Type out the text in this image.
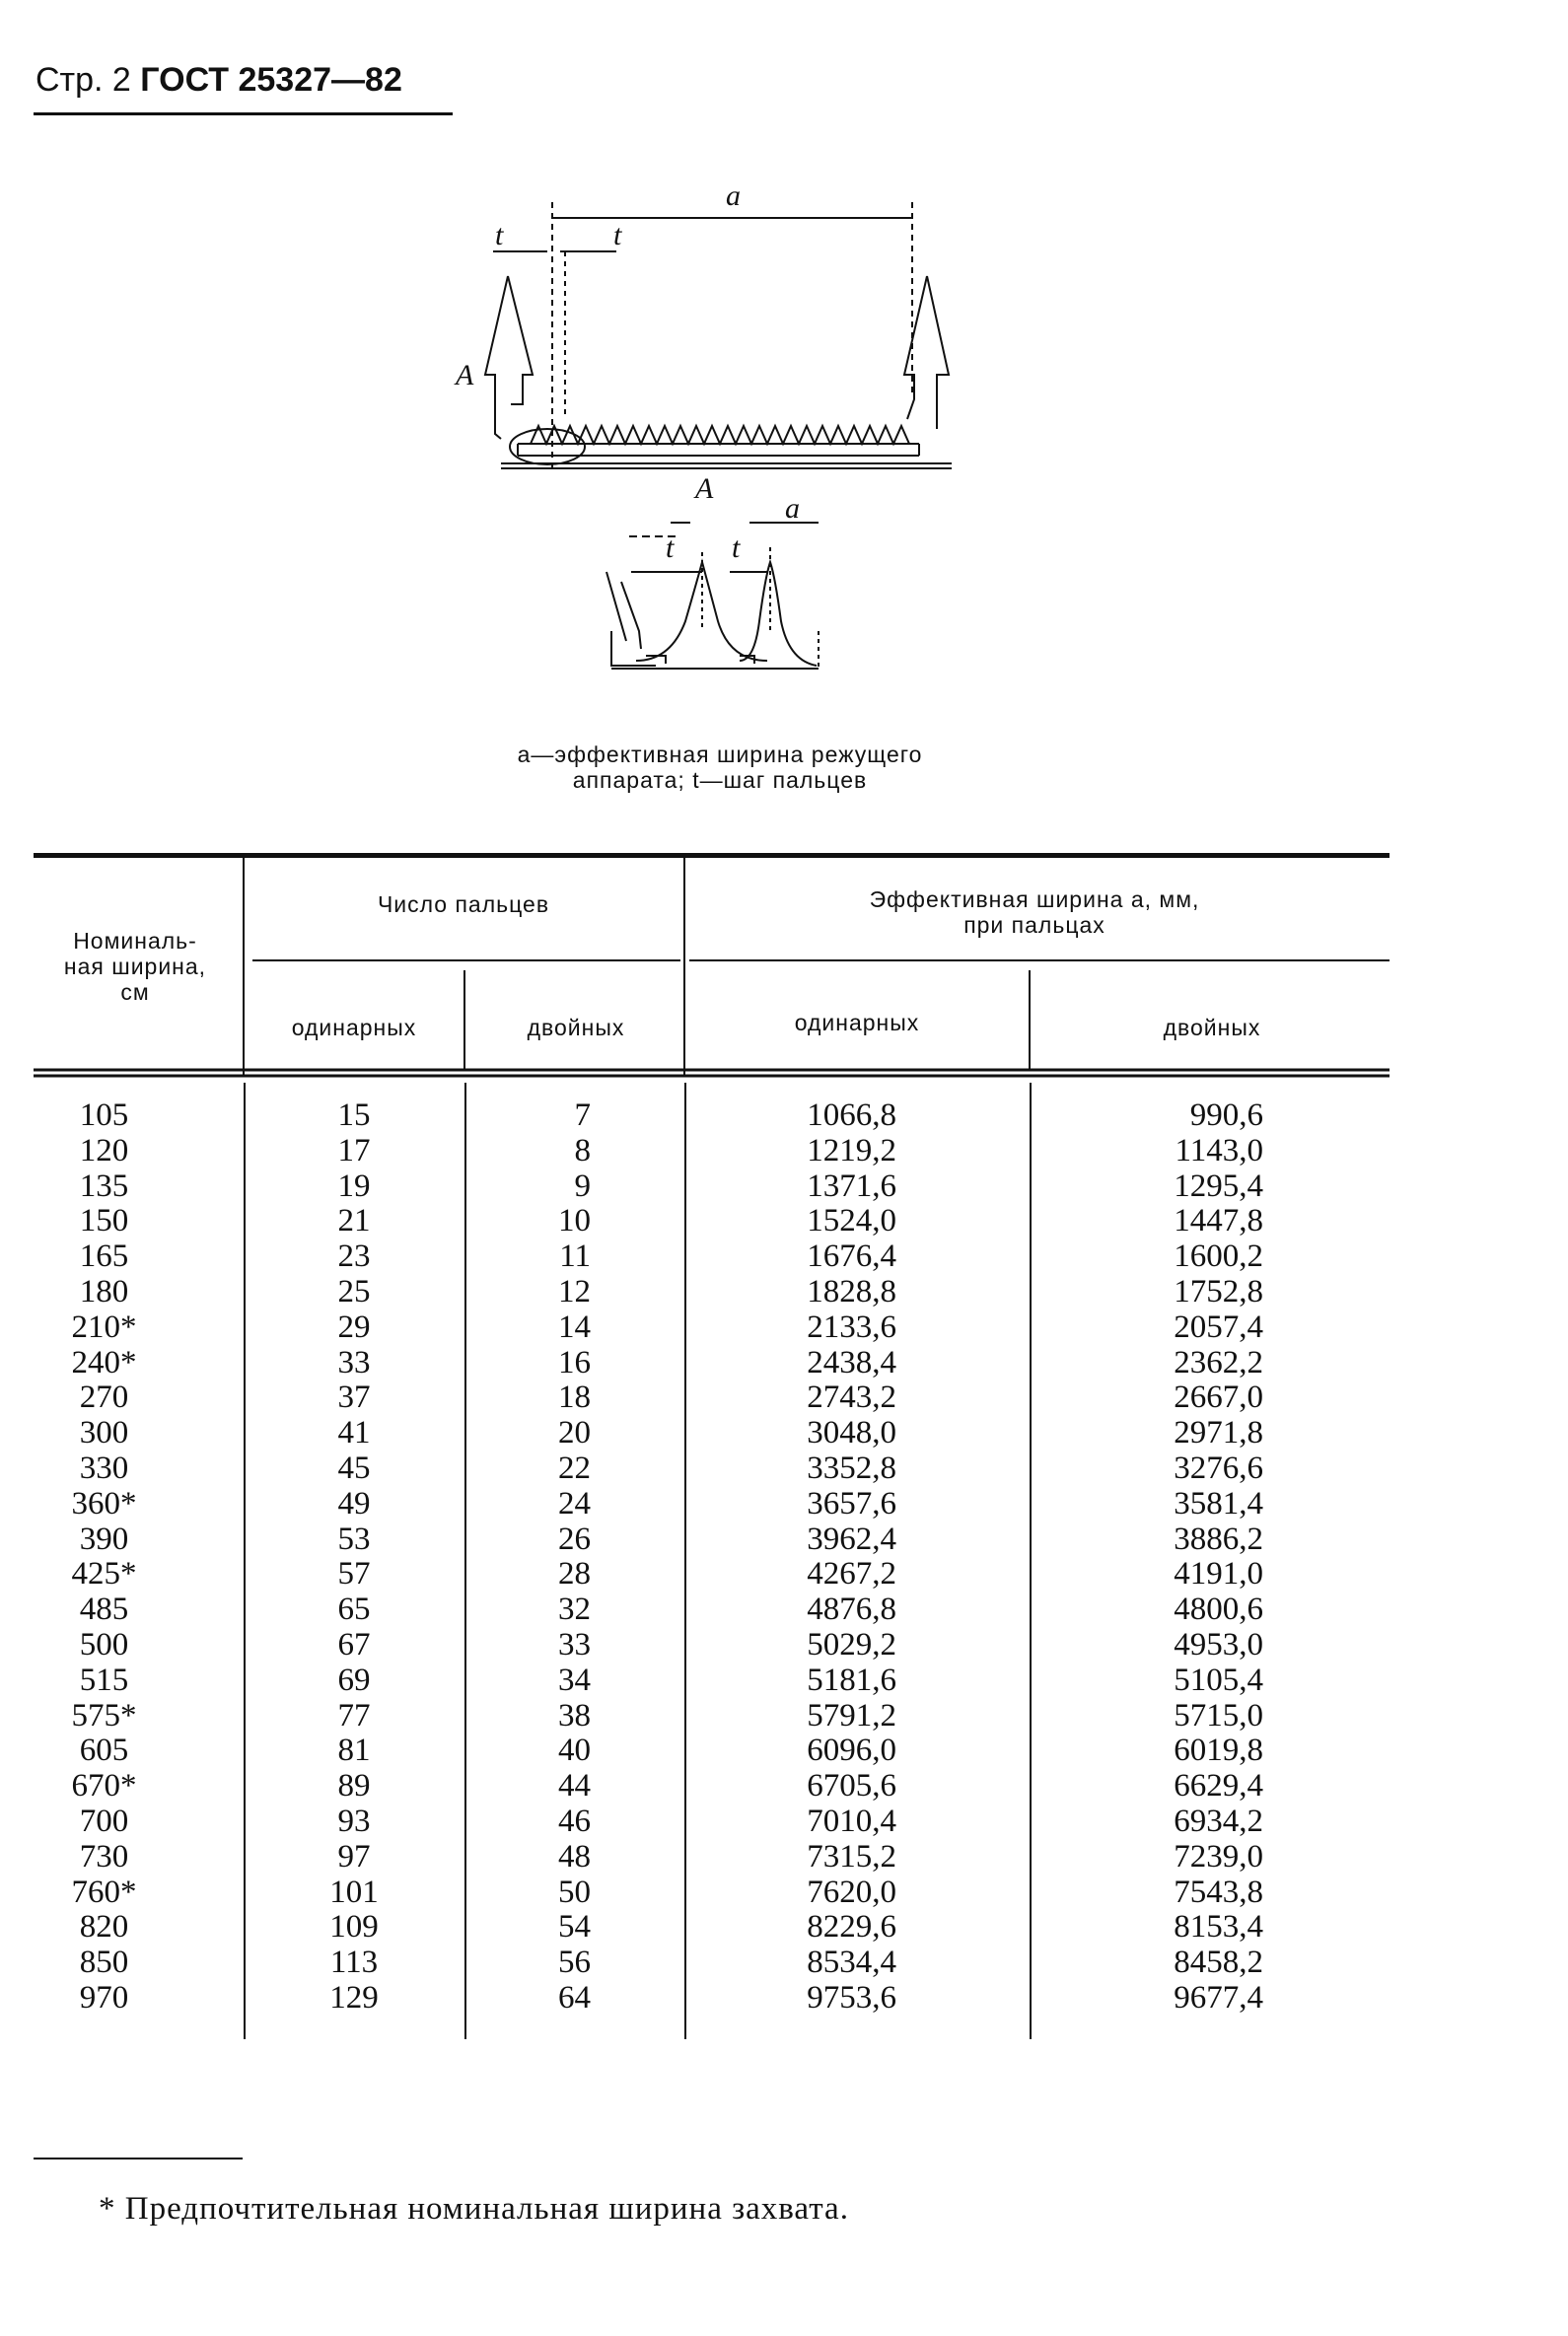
Стр. 2 ГОСТ 25327—82
a
t	t
А
А
a
t t
а—эффективная ширина режущего
аппарата; t—шаг пальцев
Номиналь-
ная ширина,
см
Число пальцев	Эффективная ширина a, мм,
при пальцах
одинарных	двойных	одинарных	двойных
105	15	7	1066,8	990,6
120	17	8	1219,2	1143,0
135	19	9	1371,6	1295,4
150	21	10	1524,0	1447,8
165	23	11	1676,4	1600,2
180	25	12	1828,8	1752,8
210*	29	14	2133,6	2057,4
240*	33	16	2438,4	2362,2
270	37	18	2743,2	2667,0
300	41	20	3048,0	2971,8
330	45	22	3352,8	3276,6
360*	49	24	3657,6	3581,4
390	53	26	3962,4	3886,2
425*	57	28	4267,2	4191,0
485	65	32	4876,8	4800,6
500	67	33	5029,2	4953,0
515	69	34	5181,6	5105,4
575*	77	38	5791,2	5715,0
605	81	40	6096,0	6019,8
670*	89	44	6705,6	6629,4
700	93	46	7010,4	6934,2
730	97	48	7315,2	7239,0
760*	101	50	7620,0	7543,8
820	109	54	8229,6	8153,4
850	113	56	8534,4	8458,2
970	129	64	9753,6	9677,4
* Предпочтительная номинальная ширина захвата.
